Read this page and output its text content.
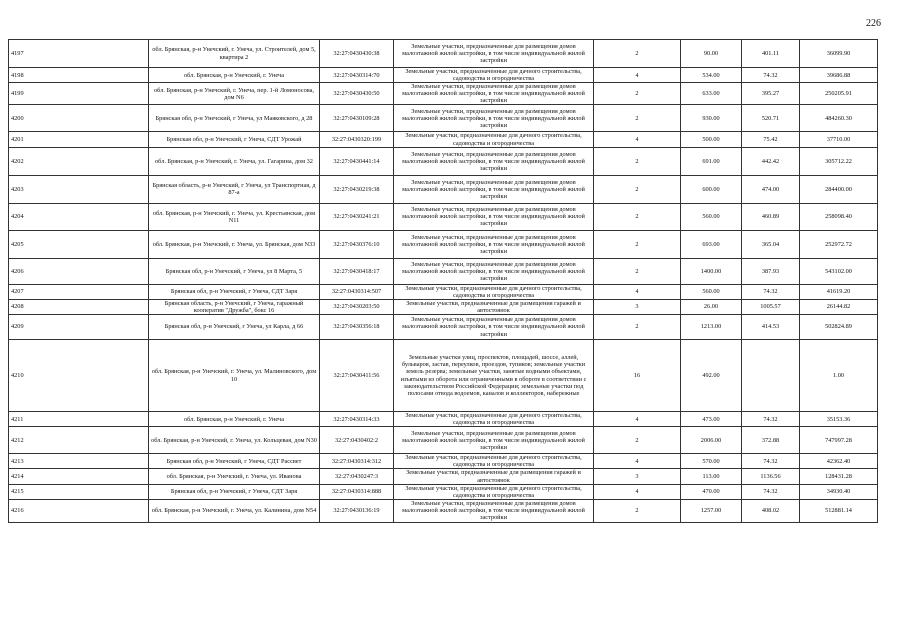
226
4197	обл. Брянская, р-н Унечский, г. Унеча, ул. Строителей, дом 5, квартира 2	32:27:0430430:38	Земельные участки, предназначенные для размещения домов малоэтажной жилой застройки, в том числе индивидуальной жилой застройки	2	90.00	401.11	36099.90
4198	обл. Брянская, р-н Унечский, г. Унеча	32:27:0430314:70	Земельные участки, предназначенные для дачного строительства, садоводства и огородничества	4	534.00	74.32	39686.88
4199	обл. Брянская, р-н Унечский, г. Унеча, пер. 1-й Ломоносова, дом N6	32:27:0430430:50	Земельные участки, предназначенные для размещения домов малоэтажной жилой застройки, в том числе индивидуальной жилой застройки	2	633.00	395.27	250205.91
4200	Брянская обл, р-н Унечский, г Унеча, ул Маяковского, д 28	32:27:0430109:28	Земельные участки, предназначенные для размещения домов малоэтажной жилой застройки, в том числе индивидуальной жилой застройки	2	930.00	520.71	484260.30
4201	Брянская обл, р-н Унечский, г Унеча, СДТ Урожай	32:27:0430320:199	Земельные участки, предназначенные для дачного строительства, садоводства и огородничества	4	500.00	75.42	37710.00
4202	обл. Брянская, р-н Унечский, г. Унеча, ул. Гагарина, дом 32	32:27:0430441:14	Земельные участки, предназначенные для размещения домов малоэтажной жилой застройки, в том числе индивидуальной жилой застройки	2	691.00	442.42	305712.22
4203	Брянская область, р-н Унечский, г Унеча, ул Транспортная, д 87-а	32:27:0430219:38	Земельные участки, предназначенные для размещения домов малоэтажной жилой застройки, в том числе индивидуальной жилой застройки	2	600.00	474.00	284400.00
4204	обл. Брянская, р-н Унечский, г. Унеча, ул. Крестьянская, дом N11	32:27:0430241:21	Земельные участки, предназначенные для размещения домов малоэтажной жилой застройки, в том числе индивидуальной жилой застройки	2	560.00	460.89	258098.40
4205	обл. Брянская, р-н Унечский, г. Унеча, ул. Брянская, дом N33	32:27:0430376:10	Земельные участки, предназначенные для размещения домов малоэтажной жилой застройки, в том числе индивидуальной жилой застройки	2	693.00	365.04	252972.72
4206	Брянская обл, р-н Унечский, г Унеча, ул 8 Марта, 5	32:27:0430418:17	Земельные участки, предназначенные для размещения домов малоэтажной жилой застройки, в том числе индивидуальной жилой застройки	2	1400.00	387.93	543102.00
4207	Брянская обл, р-н Унечский, г Унеча, СДТ Заря	32:27:0430314:507	Земельные участки, предназначенные для дачного строительства, садоводства и огородничества	4	560.00	74.32	41619.20
4208	Брянская область, р-н Унечский, г Унеча, гаражный кооператив "Дружба", бокс 16	32:27:0430203:50	Земельные участки, предназначенные для размещения гаражей и автостоянок	3	26.00	1005.57	26144.82
4209	Брянская обл, р-н Унечский, г Унеча, ул Карла, д 66	32:27:0430356:18	Земельные участки, предназначенные для размещения домов малоэтажной жилой застройки, в том числе индивидуальной жилой застройки	2	1213.00	414.53	502824.89
4210	обл. Брянская, р-н Унечский, г. Унеча, ул. Малиновского, дом 10	32:27:0430411:56	Земельные участки улиц, проспектов, площадей, шоссе, аллей, бульваров, застав, переулков, проездов, тупиков; земельные участки земель резерва; земельные участки, занятые водными объектами, изъятыми из оборота или ограниченными в обороте в соответствии с законодательством Российской Федерации; земельные участки под полосами отвода водоемов, каналов и коллекторов, набережные	16	492.00		1.00
4211	обл. Брянская, р-н Унечский, г. Унеча	32:27:0430314:33	Земельные участки, предназначенные для дачного строительства, садоводства и огородничества	4	473.00	74.32	35153.36
4212	обл. Брянская, р-н Унечский, г. Унеча, ул. Кольцевая, дом N30	32:27:0430402:2	Земельные участки, предназначенные для размещения домов малоэтажной жилой застройки, в том числе индивидуальной жилой застройки	2	2006.00	372.88	747997.28
4213	Брянская обл, р-н Унечский, г Унеча, СДТ Рассвет	32:27:0430314:312	Земельные участки, предназначенные для дачного строительства, садоводства и огородничества	4	570.00	74.32	42362.40
4214	обл. Брянская, р-н Унечский, г. Унеча, ул. Иванова	32:27:0430247:3	Земельные участки, предназначенные для размещения гаражей и автостоянок	3	113.00	1136.56	128431.28
4215	Брянская обл, р-н Унечский, г Унеча, СДТ Заря	32:27:0430314:888	Земельные участки, предназначенные для дачного строительства, садоводства и огородничества	4	470.00	74.32	34930.40
4216	обл. Брянская, р-н Унечский, г. Унеча, ул. Калинина, дом N54	32:27:0430136:19	Земельные участки, предназначенные для размещения домов малоэтажной жилой застройки, в том числе индивидуальной жилой застройки	2	1257.00	408.02	512881.14
